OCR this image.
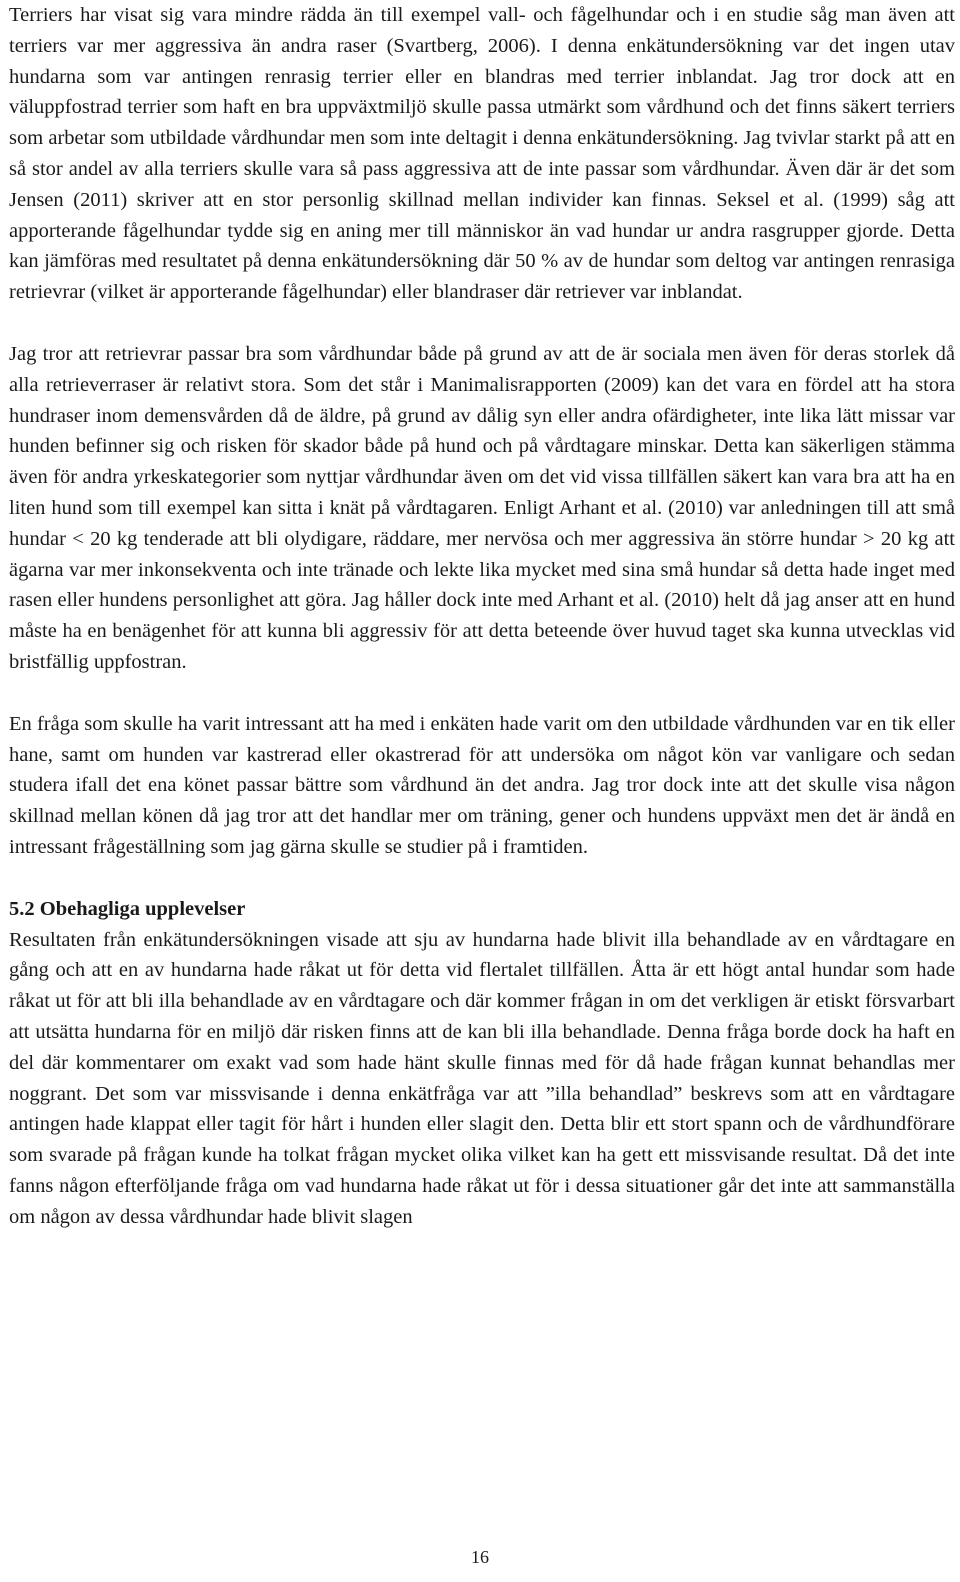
Terriers har visat sig vara mindre rädda än till exempel vall- och fågelhundar och i en studie såg man även att terriers var mer aggressiva än andra raser (Svartberg, 2006). I denna enkätundersökning var det ingen utav hundarna som var antingen renrasig terrier eller en blandras med terrier inblandat. Jag tror dock att en väluppfostrad terrier som haft en bra uppväxtmiljö skulle passa utmärkt som vårdhund och det finns säkert terriers som arbetar som utbildade vårdhundar men som inte deltagit i denna enkätundersökning. Jag tvivlar starkt på att en så stor andel av alla terriers skulle vara så pass aggressiva att de inte passar som vårdhundar. Även där är det som Jensen (2011) skriver att en stor personlig skillnad mellan individer kan finnas. Seksel et al. (1999) såg att apporterande fågelhundar tydde sig en aning mer till människor än vad hundar ur andra rasgrupper gjorde. Detta kan jämföras med resultatet på denna enkätundersökning där 50 % av de hundar som deltog var antingen renrasiga retrievrar (vilket är apporterande fågelhundar) eller blandraser där retriever var inblandat.

Jag tror att retrievrar passar bra som vårdhundar både på grund av att de är sociala men även för deras storlek då alla retrieverraser är relativt stora. Som det står i Manimalisrapporten (2009) kan det vara en fördel att ha stora hundraser inom demensvården då de äldre, på grund av dålig syn eller andra ofärdigheter, inte lika lätt missar var hunden befinner sig och risken för skador både på hund och på vårdtagare minskar. Detta kan säkerligen stämma även för andra yrkeskategorier som nyttjar vårdhundar även om det vid vissa tillfällen säkert kan vara bra att ha en liten hund som till exempel kan sitta i knät på vårdtagaren. Enligt Arhant et al. (2010) var anledningen till att små hundar < 20 kg tenderade att bli olydigare, räddare, mer nervösa och mer aggressiva än större hundar > 20 kg att ägarna var mer inkonsekventa och inte tränade och lekte lika mycket med sina små hundar så detta hade inget med rasen eller hundens personlighet att göra. Jag håller dock inte med Arhant et al. (2010) helt då jag anser att en hund måste ha en benägenhet för att kunna bli aggressiv för att detta beteende över huvud taget ska kunna utvecklas vid bristfällig uppfostran.

En fråga som skulle ha varit intressant att ha med i enkäten hade varit om den utbildade vårdhunden var en tik eller hane, samt om hunden var kastrerad eller okastrerad för att undersöka om något kön var vanligare och sedan studera ifall det ena könet passar bättre som vårdhund än det andra. Jag tror dock inte att det skulle visa någon skillnad mellan könen då jag tror att det handlar mer om träning, gener och hundens uppväxt men det är ändå en intressant frågeställning som jag gärna skulle se studier på i framtiden.

5.2 Obehagliga upplevelser

Resultaten från enkätundersökningen visade att sju av hundarna hade blivit illa behandlade av en vårdtagare en gång och att en av hundarna hade råkat ut för detta vid flertalet tillfällen. Åtta är ett högt antal hundar som hade råkat ut för att bli illa behandlade av en vårdtagare och där kommer frågan in om det verkligen är etiskt försvarbart att utsätta hundarna för en miljö där risken finns att de kan bli illa behandlade. Denna fråga borde dock ha haft en del där kommentarer om exakt vad som hade hänt skulle finnas med för då hade frågan kunnat behandlas mer noggrant. Det som var missvisande i denna enkätfråga var att ”illa behandlad” beskrevs som att en vårdtagare antingen hade klappat eller tagit för hårt i hunden eller slagit den. Detta blir ett stort spann och de vårdhundförare som svarade på frågan kunde ha tolkat frågan mycket olika vilket kan ha gett ett missvisande resultat. Då det inte fanns någon efterföljande fråga om vad hundarna hade råkat ut för i dessa situationer går det inte att sammanställa om någon av dessa vårdhundar hade blivit slagen

16
